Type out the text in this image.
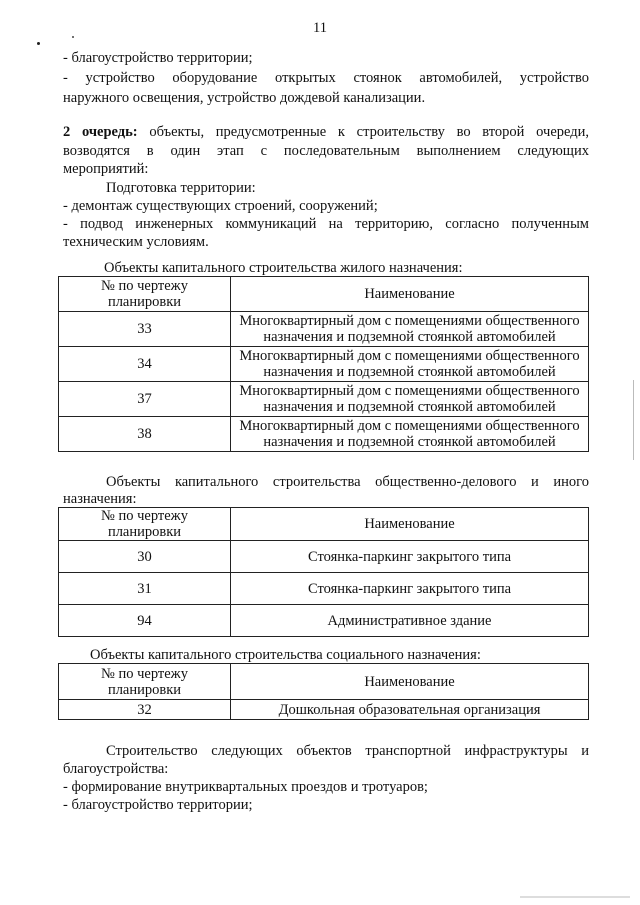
11
- благоустройство территории;
- устройство оборудование открытых стоянок автомобилей, устройство
наружного освещения, устройство дождевой канализации.
2 очередь: объекты, предусмотренные к строительству во второй очереди,
возводятся в один этап с последовательным выполнением следующих
мероприятий:
Подготовка территории:
- демонтаж существующих строений, сооружений;
- подвод инженерных коммуникаций на территорию, согласно полученным
техническим условиям.
Объекты капитального строительства жилого назначения:
№ по чертежу
планировки	Наименование
33	Многоквартирный дом с помещениями общественного
назначения и подземной стоянкой автомобилей
34	Многоквартирный дом с помещениями общественного
назначения и подземной стоянкой автомобилей
37	Многоквартирный дом с помещениями общественного
назначения и подземной стоянкой автомобилей
38	Многоквартирный дом с помещениями общественного
назначения и подземной стоянкой автомобилей
Объекты капитального строительства общественно-делового и иного
назначения:
№ по чертежу
планировки	Наименование
30	Стоянка-паркинг закрытого типа
31	Стоянка-паркинг закрытого типа
94	Административное здание
Объекты капитального строительства социального назначения:
№ по чертежу
планировки	Наименование
32	Дошкольная образовательная организация
Строительство следующих объектов транспортной инфраструктуры и
благоустройства:
- формирование внутриквартальных проездов и тротуаров;
- благоустройство территории;
